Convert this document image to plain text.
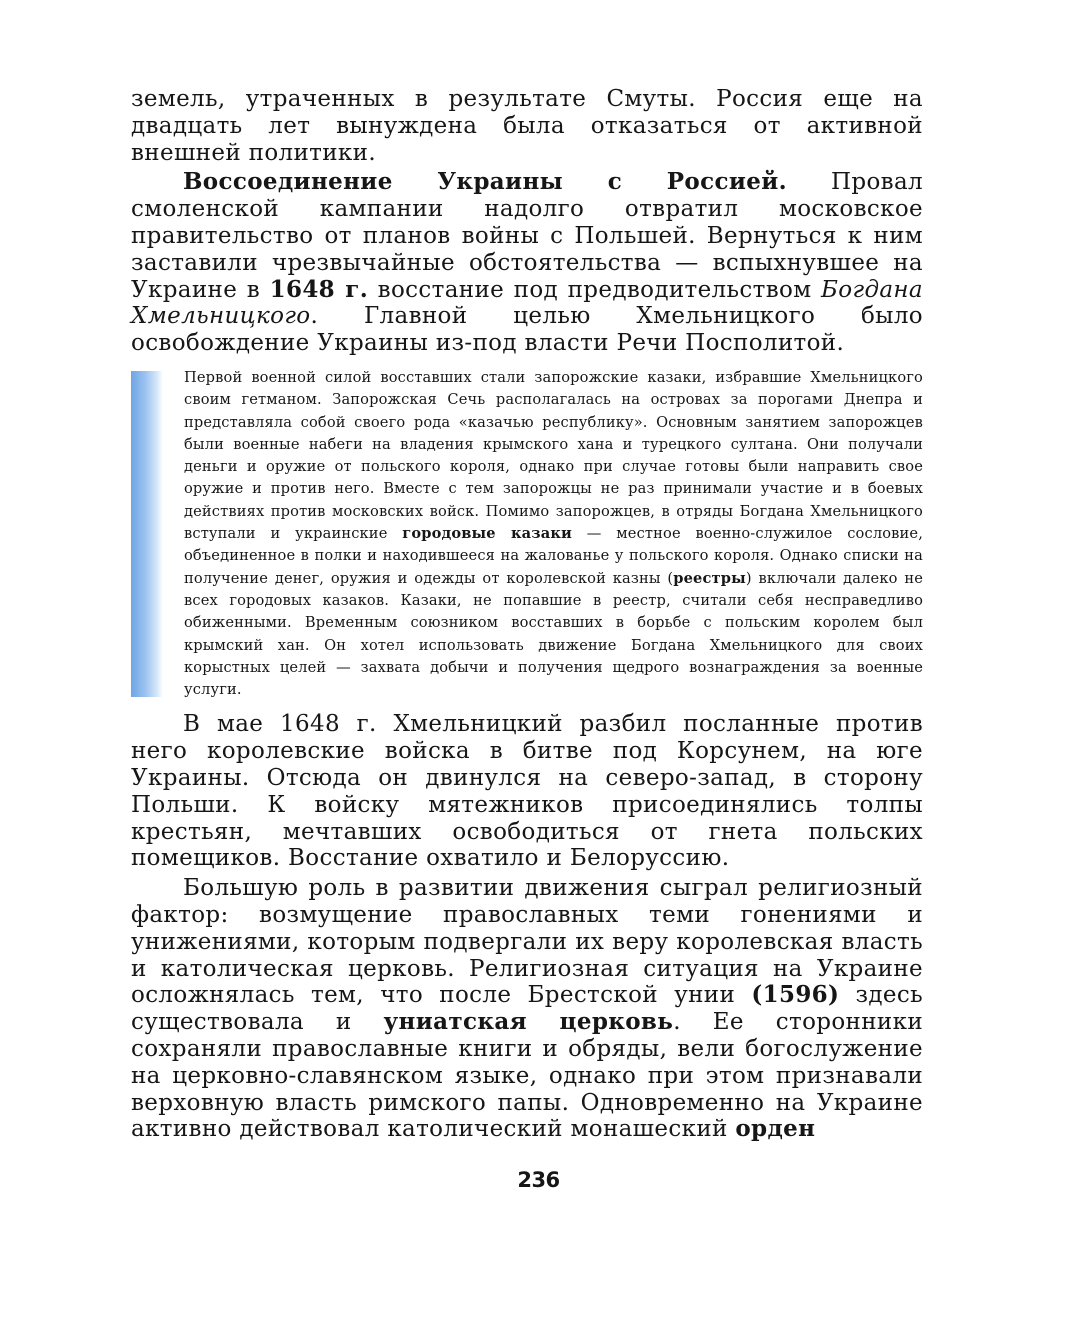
земель, утраченных в результате Смуты. Россия еще на двадцать лет вынуждена была отказаться от активной внешней политики.

Воссоединение Украины с Россией. Провал смоленской кампании надолго отвратил московское правительство от планов войны с Польшей. Вернуться к ним заставили чрезвычайные обстоятельства — вспыхнувшее на Украине в 1648 г. восстание под предводительством Богдана Хмельницкого. Главной целью Хмельницкого было освобождение Украины из-под власти Речи Посполитой.

Первой военной силой восставших стали запорожские казаки, избравшие Хмельницкого своим гетманом. Запорожская Сечь располагалась на островах за порогами Днепра и представляла собой своего рода «казачью республику». Основным занятием запорожцев были военные набеги на владения крымского хана и турецкого султана. Они получали деньги и оружие от польского короля, однако при случае готовы были направить свое оружие и против него. Вместе с тем запорожцы не раз принимали участие и в боевых действиях против московских войск. Помимо запорожцев, в отряды Богдана Хмельницкого вступали и украинские городовые казаки — местное военно-служилое сословие, объединенное в полки и находившееся на жалованье у польского короля. Однако списки на получение денег, оружия и одежды от королевской казны (реестры) включали далеко не всех городовых казаков. Казаки, не попавшие в реестр, считали себя несправедливо обиженными. Временным союзником восставших в борьбе с польским королем был крымский хан. Он хотел использовать движение Богдана Хмельницкого для своих корыстных целей — захвата добычи и получения щедрого вознаграждения за военные услуги.

В мае 1648 г. Хмельницкий разбил посланные против него королевские войска в битве под Корсунем, на юге Украины. Отсюда он двинулся на северо-запад, в сторону Польши. К войску мятежников присоединялись толпы крестьян, мечтавших освободиться от гнета польских помещиков. Восстание охватило и Белоруссию.

Большую роль в развитии движения сыграл религиозный фактор: возмущение православных теми гонениями и унижениями, которым подвергали их веру королевская власть и католическая церковь. Религиозная ситуация на Украине осложнялась тем, что после Брестской унии (1596) здесь существовала и униатская церковь. Ее сторонники сохраняли православные книги и обряды, вели богослужение на церковно-славянском языке, однако при этом признавали верховную власть римского папы. Одновременно на Украине активно действовал католический монашеский орден

236
